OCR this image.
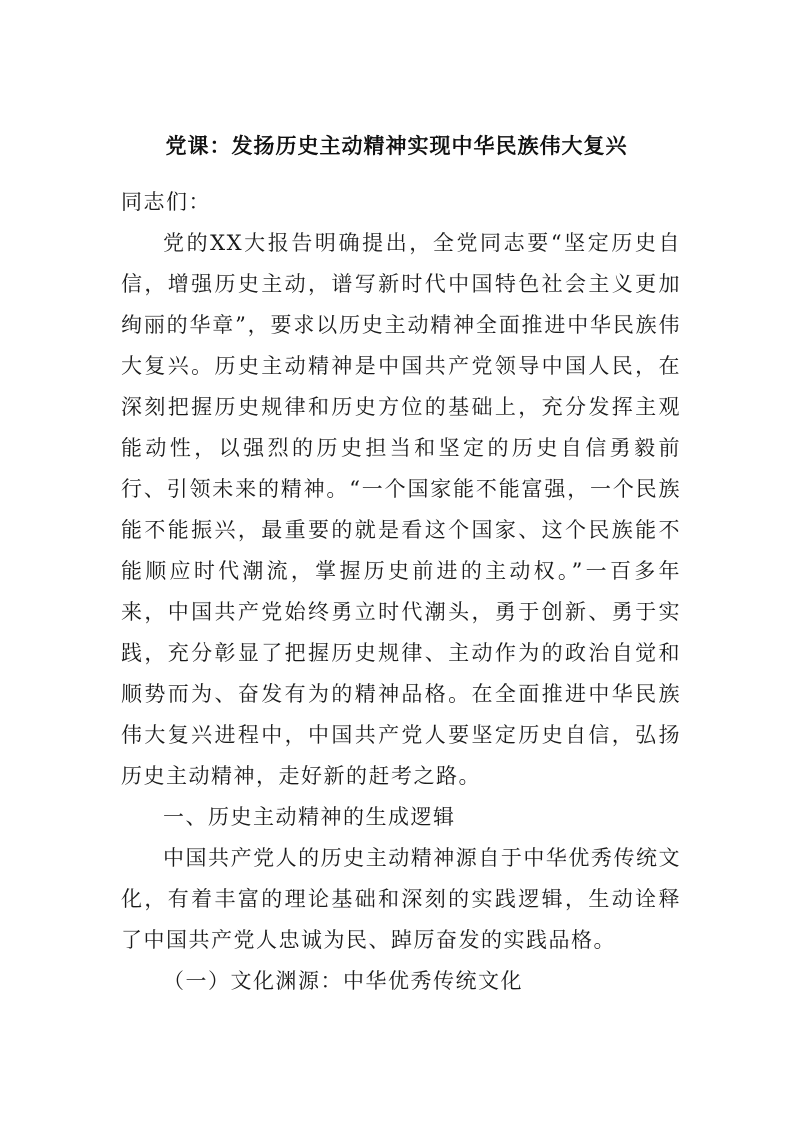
党课：发扬历史主动精神实现中华民族伟大复兴

同志们：

党的XX大报告明确提出，全党同志要“坚定历史自信，增强历史主动，谱写新时代中国特色社会主义更加绚丽的华章”，要求以历史主动精神全面推进中华民族伟大复兴。历史主动精神是中国共产党领导中国人民，在深刻把握历史规律和历史方位的基础上，充分发挥主观能动性，以强烈的历史担当和坚定的历史自信勇毅前行、引领未来的精神。“一个国家能不能富强，一个民族能不能振兴，最重要的就是看这个国家、这个民族能不能顺应时代潮流，掌握历史前进的主动权。”一百多年来，中国共产党始终勇立时代潮头，勇于创新、勇于实践，充分彰显了把握历史规律、主动作为的政治自觉和顺势而为、奋发有为的精神品格。在全面推进中华民族伟大复兴进程中，中国共产党人要坚定历史自信，弘扬历史主动精神，走好新的赶考之路。

一、历史主动精神的生成逻辑

中国共产党人的历史主动精神源自于中华优秀传统文化，有着丰富的理论基础和深刻的实践逻辑，生动诠释了中国共产党人忠诚为民、踔厉奋发的实践品格。

（一）文化渊源：中华优秀传统文化
